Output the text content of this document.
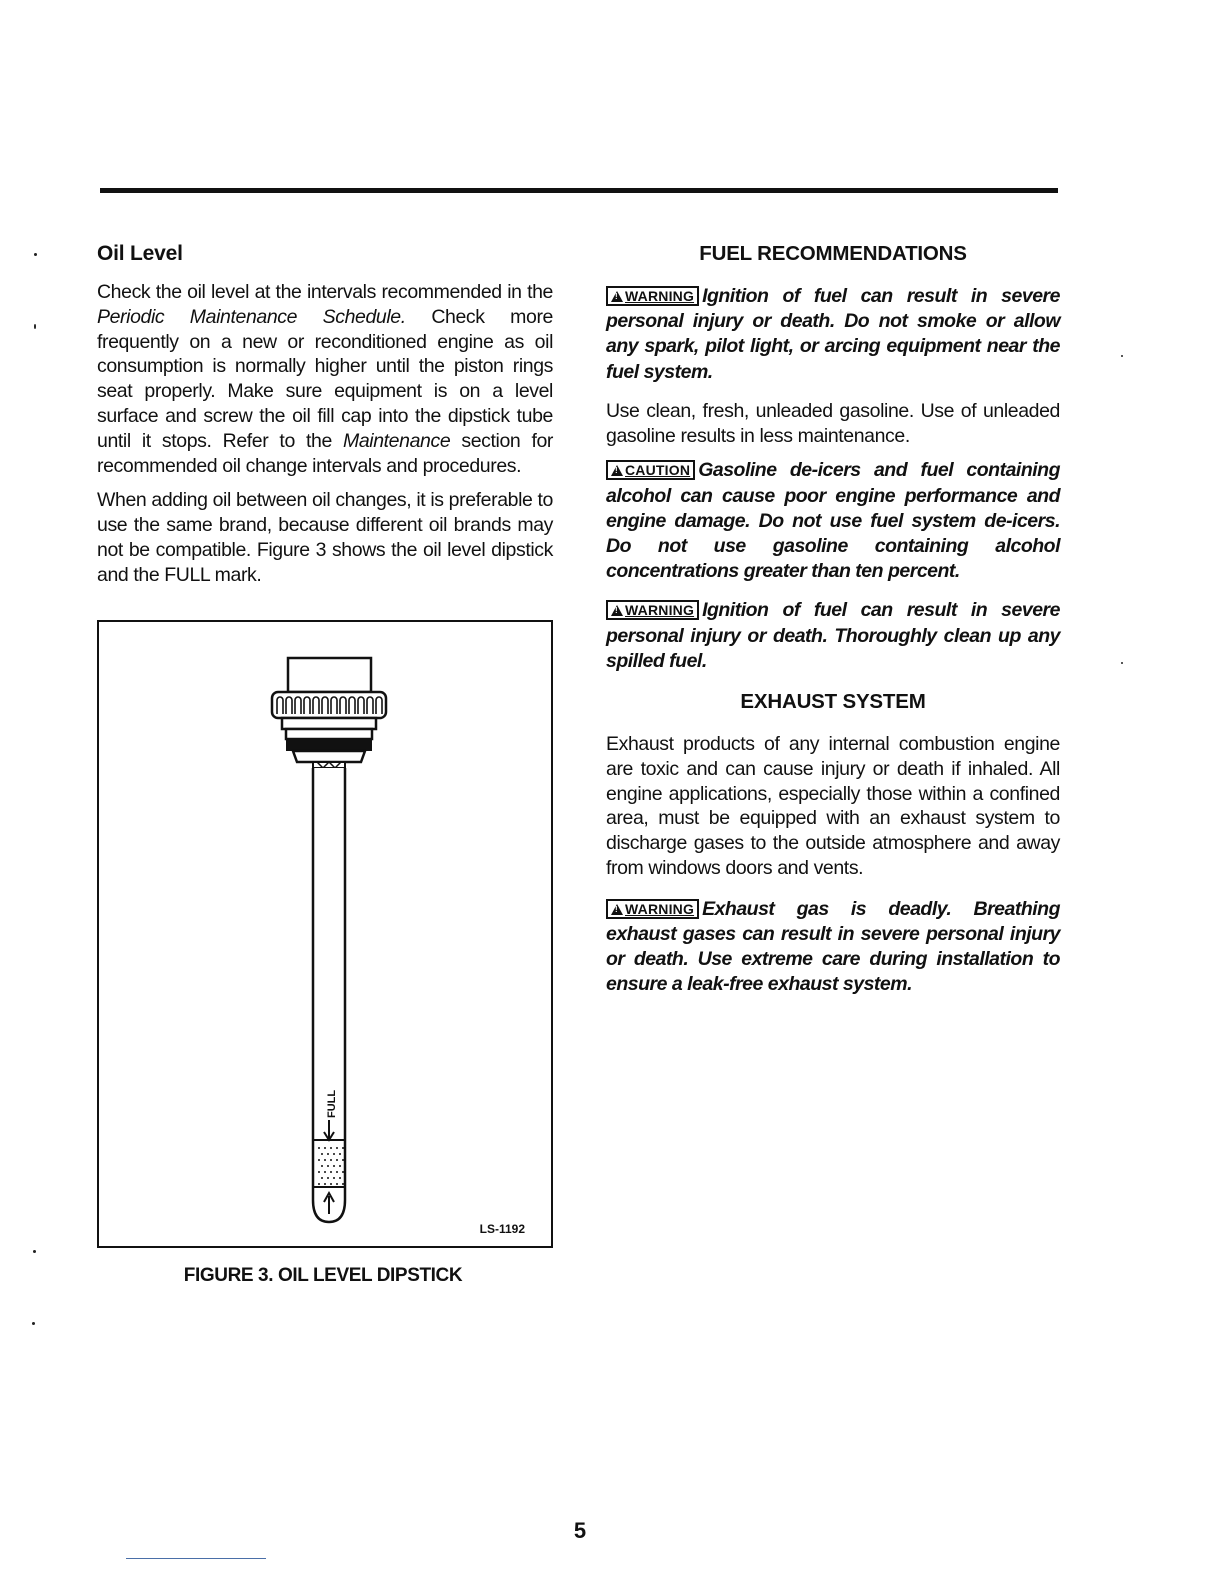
Oil Level

Check the oil level at the intervals recommended in the Periodic Maintenance Schedule. Check more frequently on a new or reconditioned engine as oil consumption is normally higher until the piston rings seat properly. Make sure equipment is on a level surface and screw the oil fill cap into the dipstick tube until it stops. Refer to the Maintenance section for recommended oil change intervals and procedures.

When adding oil between oil changes, it is preferable to use the same brand, because different oil brands may not be compatible. Figure 3 shows the oil level dipstick and the FULL mark.

FULL
LS-1192
FIGURE 3. OIL LEVEL DIPSTICK
FUEL RECOMMENDATIONS

!WARNING Ignition of fuel can result in severe personal injury or death. Do not smoke or allow any spark, pilot light, or arcing equipment near the fuel system.

Use clean, fresh, unleaded gasoline. Use of unleaded gasoline results in less maintenance.

!CAUTION Gasoline de-icers and fuel containing alcohol can cause poor engine performance and engine damage. Do not use fuel system de-icers. Do not use gasoline containing alcohol concentrations greater than ten percent.

!WARNING Ignition of fuel can result in severe personal injury or death. Thoroughly clean up any spilled fuel.

EXHAUST SYSTEM

Exhaust products of any internal combustion engine are toxic and can cause injury or death if inhaled. All engine applications, especially those within a confined area, must be equipped with an exhaust system to discharge gases to the outside atmosphere and away from windows doors and vents.

!WARNING Exhaust gas is deadly. Breathing exhaust gases can result in severe personal injury or death. Use extreme care during installation to ensure a leak-free exhaust system.

5
